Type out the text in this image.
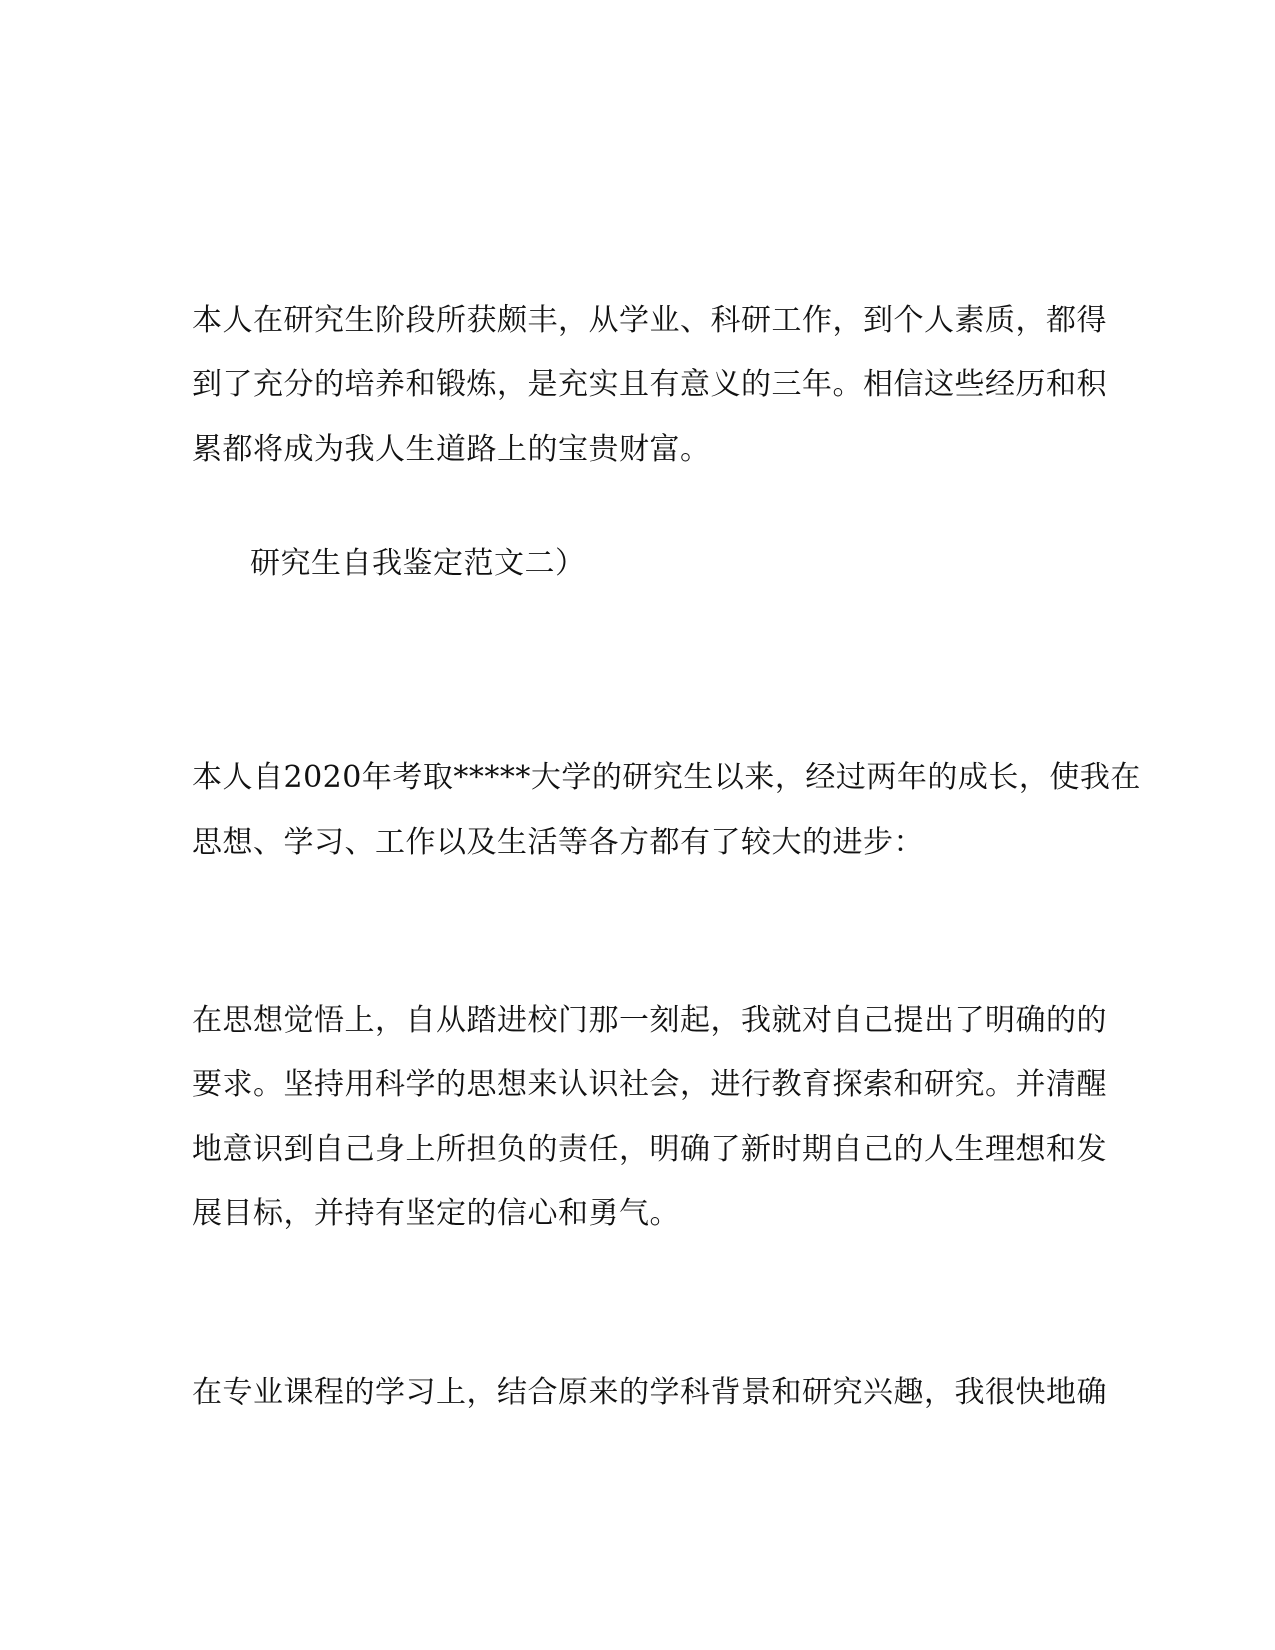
本人在研究生阶段所获颇丰，从学业、科研工作，到个人素质，都得
到了充分的培养和锻炼，是充实且有意义的三年。相信这些经历和积
累都将成为我人生道路上的宝贵财富。
研究生自我鉴定范文二）
本人自2020年考取*****大学的研究生以来，经过两年的成长，使我在
思想、学习、工作以及生活等各方都有了较大的进步：
在思想觉悟上，自从踏进校门那一刻起，我就对自己提出了明确的的
要求。坚持用科学的思想来认识社会，进行教育探索和研究。并清醒
地意识到自己身上所担负的责任，明确了新时期自己的人生理想和发
展目标，并持有坚定的信心和勇气。
在专业课程的学习上，结合原来的学科背景和研究兴趣，我很快地确
